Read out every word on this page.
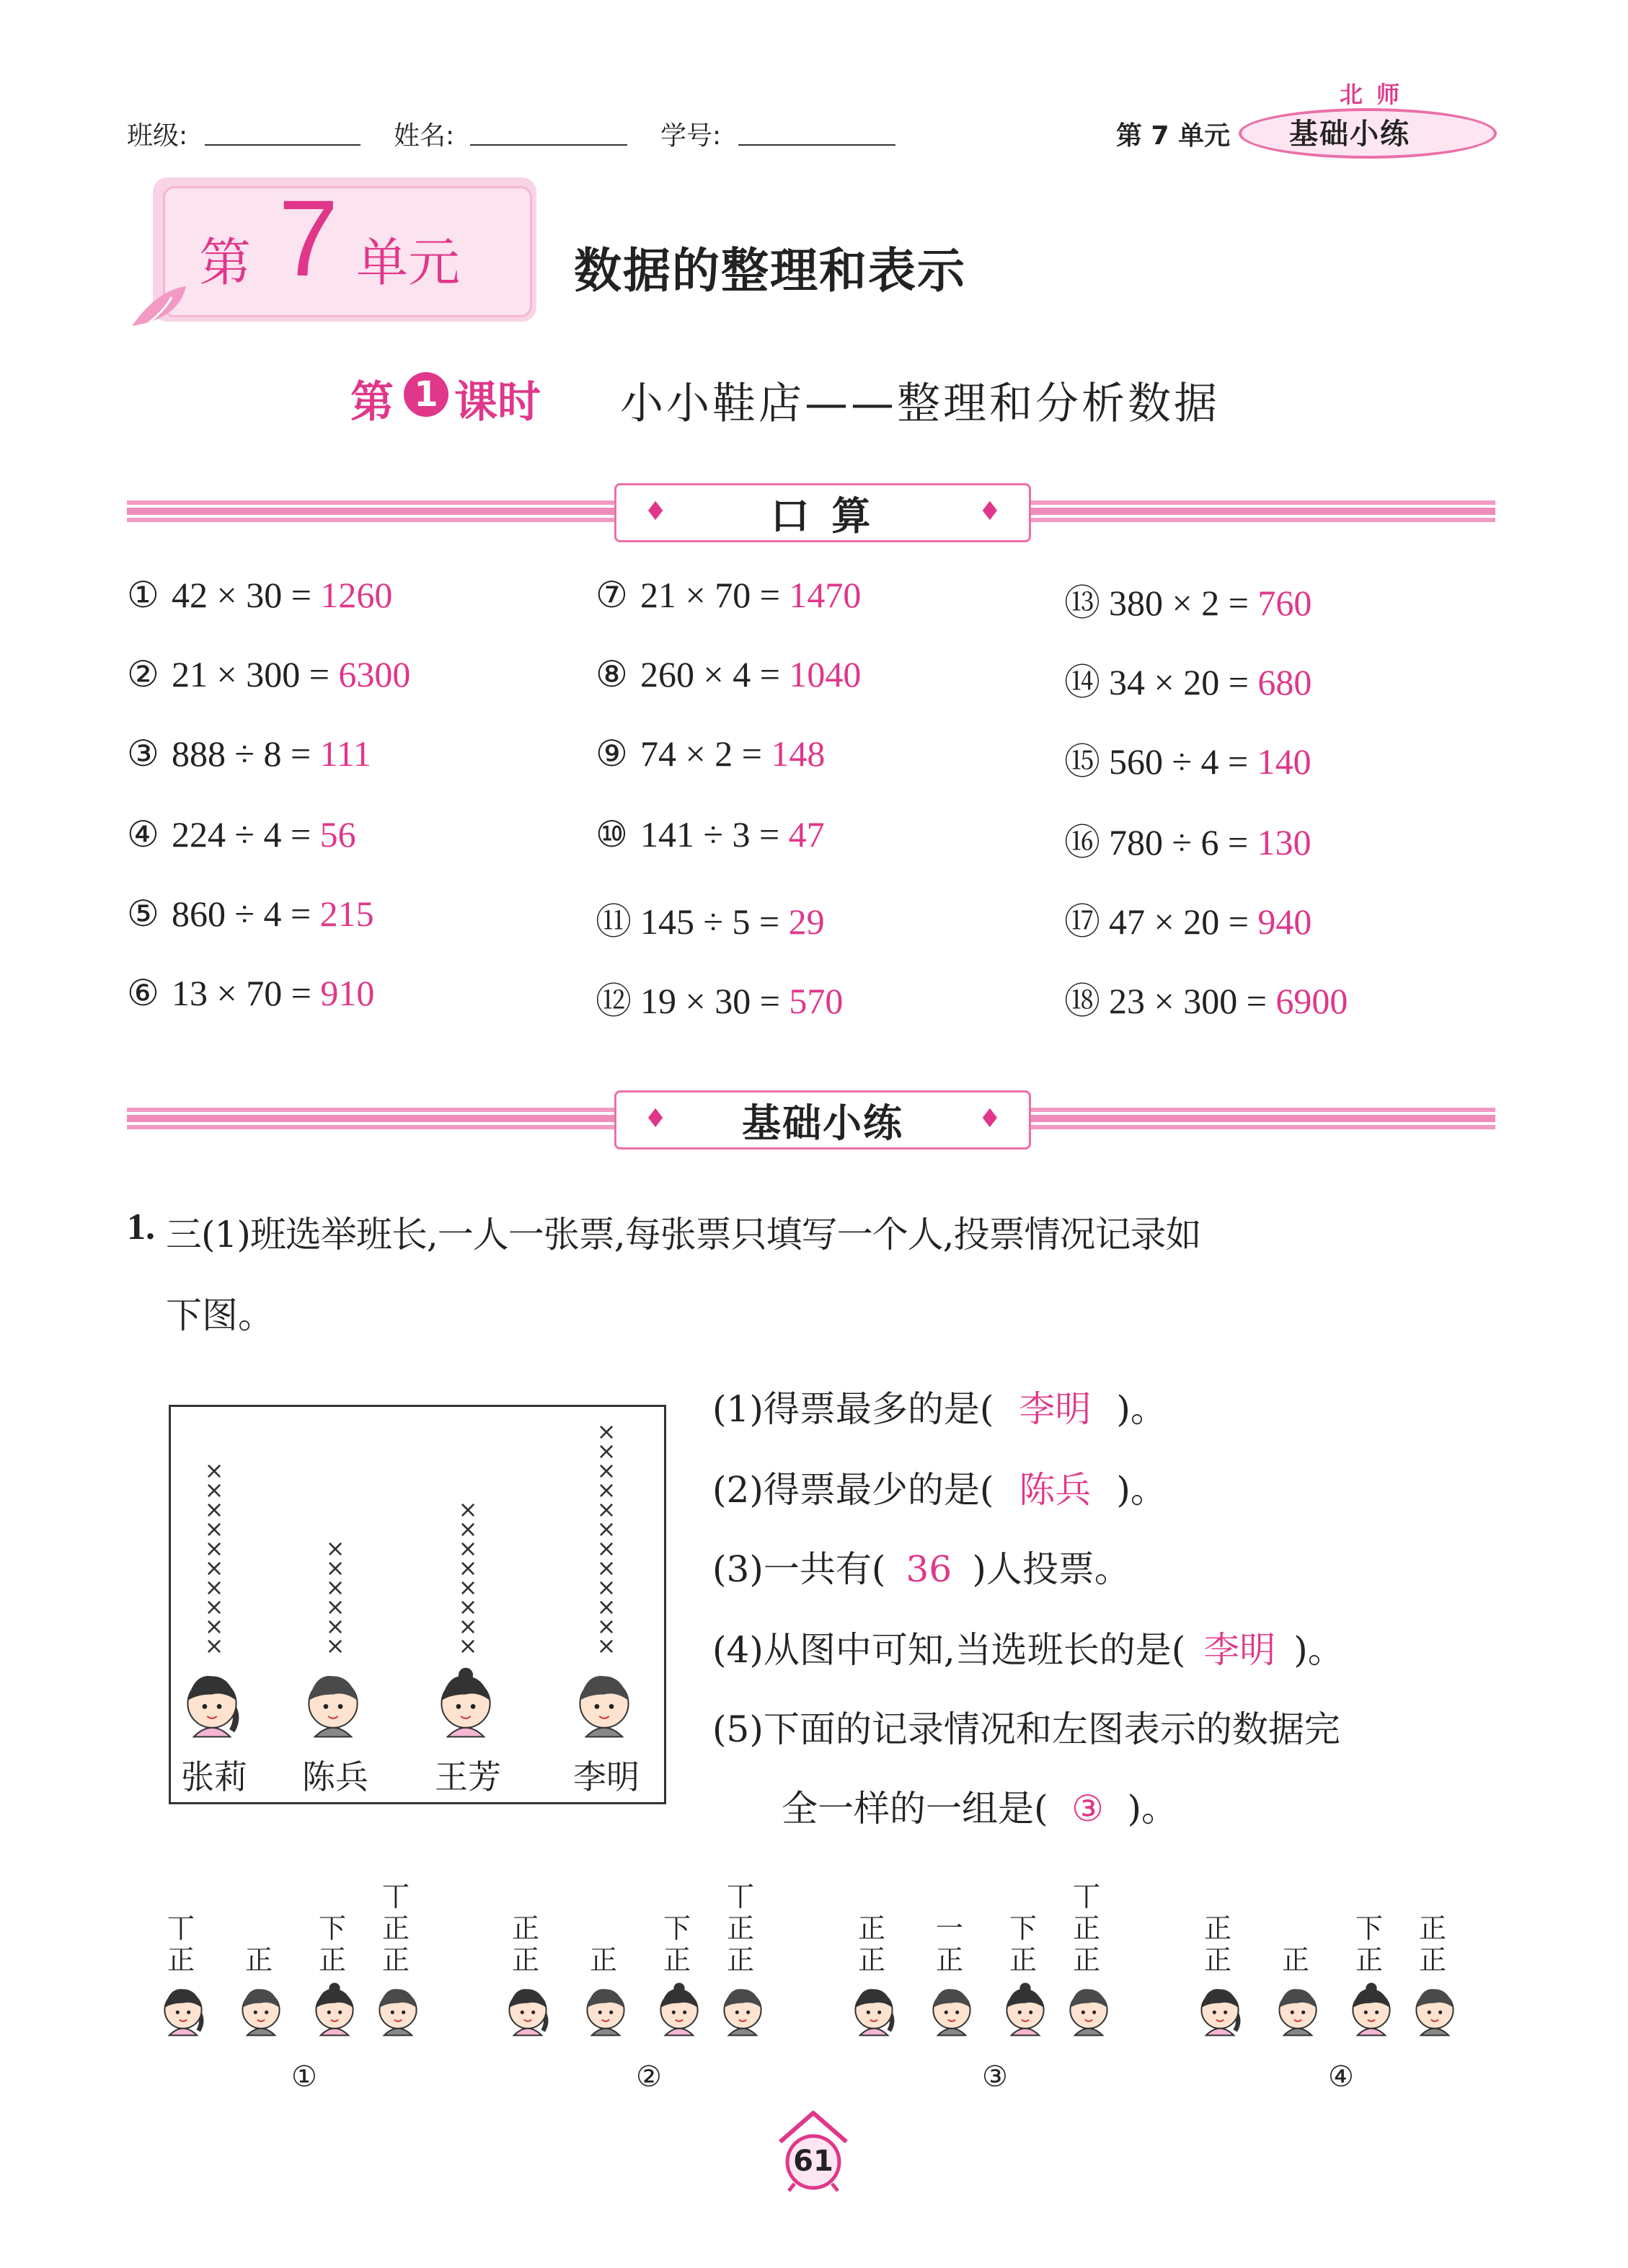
班级:	姓名:	学号:	第 7 单元
北 师
基础小练
第 7 单元 数据的整理和表示
第 1 课时 小小鞋店——整理和分析数据
♦	口 算	♦
① 42 × 30 = 1260
② 21 × 300 = 6300
③ 888 ÷ 8 = 111
④ 224 ÷ 4 = 56
⑤ 860 ÷ 4 = 215
⑥ 13 × 70 = 910
⑦ 21 × 70 = 1470
⑧ 260 × 4 = 1040
⑨ 74 × 2 = 148
⑩ 141 ÷ 3 = 47
⑪ 145 ÷ 5 = 29
⑫ 19 × 30 = 570
⑬ 380 × 2 = 760
⑭ 34 × 20 = 680
⑮ 560 ÷ 4 = 140
⑯ 780 ÷ 6 = 130
⑰ 47 × 20 = 940
⑱ 23 × 300 = 6900
♦ 基础小练	♦
1. 三(1)班选举班长,一人一张票,每张票只填写一个人,投票情况记录如
下图。
×
×
×
×
×
×
×
×
×
×
张莉
×
×
×
×
×
×
陈兵
×
×
×
×
×
×
×
×
王芳
×
×
×
×
×
×
×
×
×
×
×
×
李明
(1)得票最多的是( 李明 )。
(2)得票最少的是( 陈兵 )。
(3)一共有( 36 )人投票。
(4)从图中可知,当选班长的是( 李明 )。
(5)下面的记录情况和左图表示的数据完
全一样的一组是( ③ )。
丅
正 正
下
正
丅
正
正
①
正
正 正
下
正
丅
正
正
②
正
正
一
正
下
正
丅
正
正
③
正
正 正
下
正
正
正
④
61
